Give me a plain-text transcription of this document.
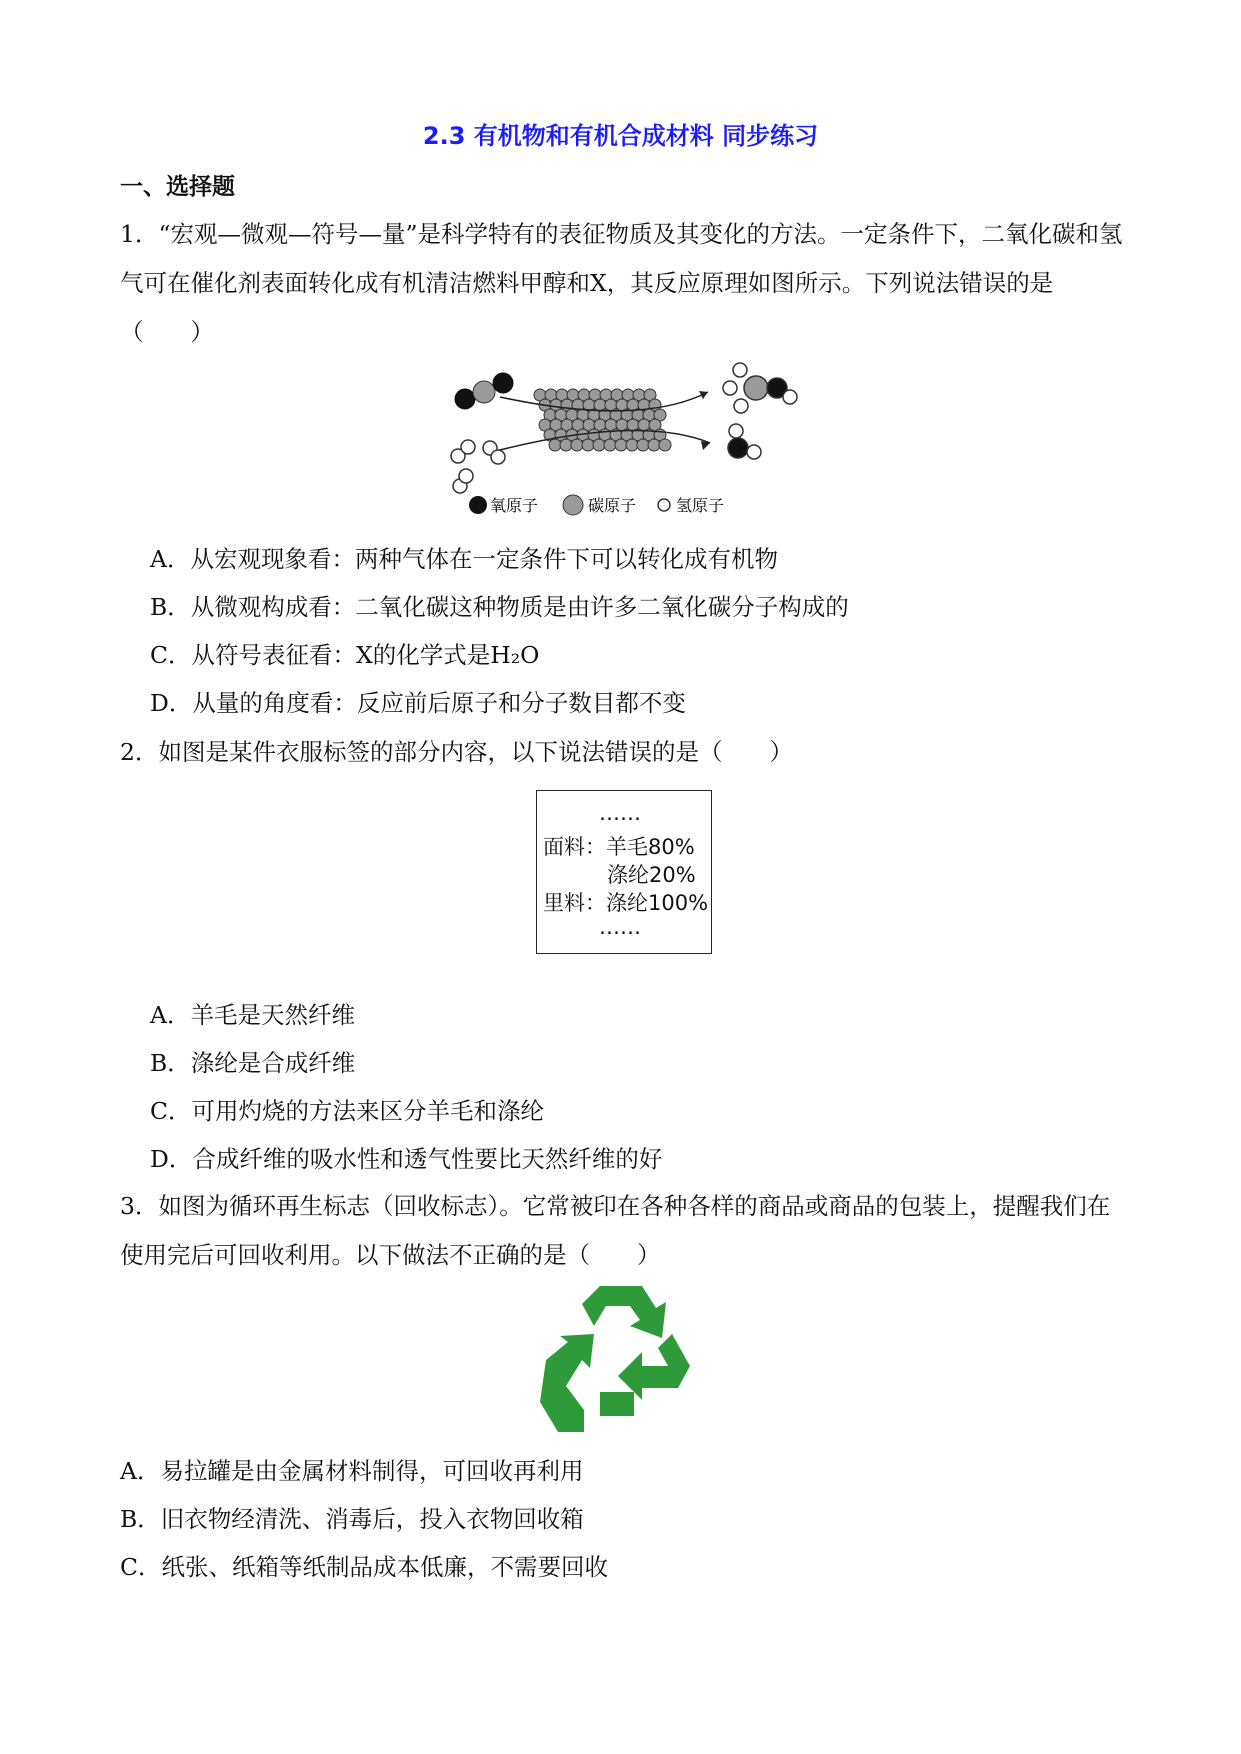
2.3 有机物和有机合成材料 同步练习
一、选择题
1．“宏观—微观—符号—量”是科学特有的表征物质及其变化的方法。一定条件下，二氧化碳和氢气可在催化剂表面转化成有机清洁燃料甲醇和X，其反应原理如图所示。下列说法错误的是（　　）
氧原子	碳原子 氢原子
A．从宏观现象看：两种气体在一定条件下可以转化成有机物
B．从微观构成看：二氧化碳这种物质是由许多二氧化碳分子构成的
C．从符号表征看：X的化学式是H₂O
D．从量的角度看：反应前后原子和分子数目都不变
2．如图是某件衣服标签的部分内容，以下说法错误的是（　　）
……
面料：羊毛80%
涤纶20%
里料：涤纶100%
……
A．羊毛是天然纤维
B．涤纶是合成纤维
C．可用灼烧的方法来区分羊毛和涤纶
D．合成纤维的吸水性和透气性要比天然纤维的好
3．如图为循环再生标志（回收标志）。它常被印在各种各样的商品或商品的包装上，提醒我们在使用完后可回收利用。以下做法不正确的是（　　）
A．易拉罐是由金属材料制得，可回收再利用
B．旧衣物经清洗、消毒后，投入衣物回收箱
C．纸张、纸箱等纸制品成本低廉，不需要回收
